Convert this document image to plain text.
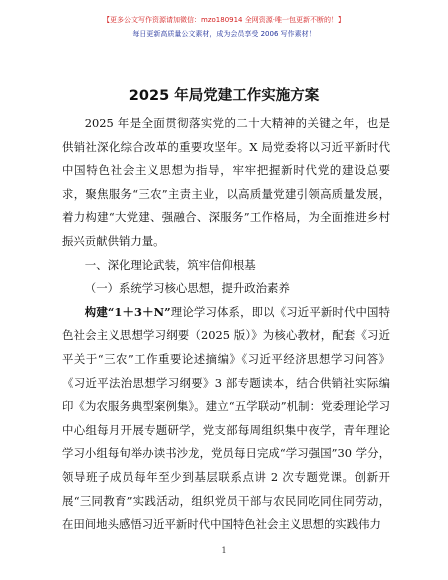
【更多公文写作资源请加微信：mzo180914 全网资源·唯一包更新不断的！】
每日更新高质量公文素材，成为会员享受 2006 写作素材！
2025 年局党建工作实施方案

2025 年是全面贯彻落实党的二十大精神的关键之年，也是供销社深化综合改革的重要攻坚年。X 局党委将以习近平新时代中国特色社会主义思想为指导，牢牢把握新时代党的建设总要求，聚焦服务“三农”主责主业，以高质量党建引领高质量发展，着力构建“大党建、强融合、深服务”工作格局，为全面推进乡村振兴贡献供销力量。

一、深化理论武装，筑牢信仰根基

（一）系统学习核心思想，提升政治素养

构建“1＋3＋N”理论学习体系，即以《习近平新时代中国特色社会主义思想学习纲要（2025 版）》为核心教材，配套《习近平关于“三农”工作重要论述摘编》《习近平经济思想学习问答》《习近平法治思想学习纲要》3 部专题读本，结合供销社实际编印《为农服务典型案例集》。建立“五学联动”机制：党委理论学习中心组每月开展专题研学，党支部每周组织集中夜学，青年理论学习小组每旬举办读书沙龙，党员每日完成“学习强国”30 学分，领导班子成员每年至少到基层联系点讲 2 次专题党课。创新开展“三同教育”实践活动，组织党员干部与农民同吃同住同劳动，在田间地头感悟习近平新时代中国特色社会主义思想的实践伟力

1
